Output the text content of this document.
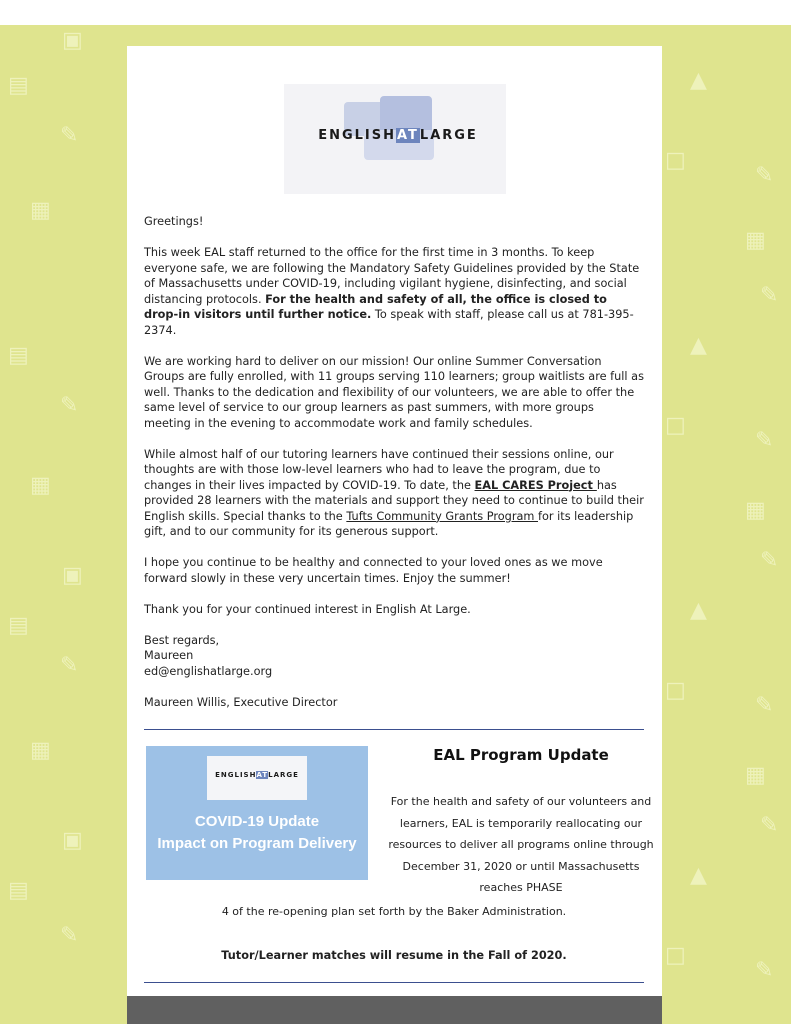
▤
▦
✎
▤
✎
▦
▣
▤
✎
▦
▣
▤
✎
▣
▲
□
✎
▦
✎
▲
□
✎
▦
✎
▲
□
✎
▦
✎
▲
□
✎
ENGLISHATLARGE

Greetings!

This week EAL staff returned to the office for the first time in 3 months. To keep everyone safe, we are following the Mandatory Safety Guidelines provided by the State of Massachusetts under COVID-19, including vigilant hygiene, disinfecting, and social distancing protocols. For the health and safety of all, the office is closed to drop-in visitors until further notice. To speak with staff, please call us at 781-395-2374.

We are working hard to deliver on our mission! Our online Summer Conversation Groups are fully enrolled, with 11 groups serving 110 learners; group waitlists are full as well. Thanks to the dedication and flexibility of our volunteers, we are able to offer the same level of service to our group learners as past summers, with more groups meeting in the evening to accommodate work and family schedules.

While almost half of our tutoring learners have continued their sessions online, our thoughts are with those low-level learners who had to leave the program, due to changes in their lives impacted by COVID-19. To date, the EAL CARES Project has provided 28 learners with the materials and support they need to continue to build their English skills. Special thanks to the Tufts Community Grants Program for its leadership gift, and to our community for its generous support.

I hope you continue to be healthy and connected to your loved ones as we move forward slowly in these very uncertain times. Enjoy the summer!

Thank you for your continued interest in English At Large.

Best regards,
Maureen
ed@englishatlarge.org
Maureen Willis, Executive Director
ENGLISHATLARGE
COVID-19 Update
Impact on Program Delivery
EAL Program Update
For the health and safety of our volunteers and learners, EAL is temporarily reallocating our resources to deliver all programs online through December 31, 2020 or until Massachusetts reaches PHASE
4 of the re-opening plan set forth by the Baker Administration.
Tutor/Learner matches will resume in the Fall of 2020.
